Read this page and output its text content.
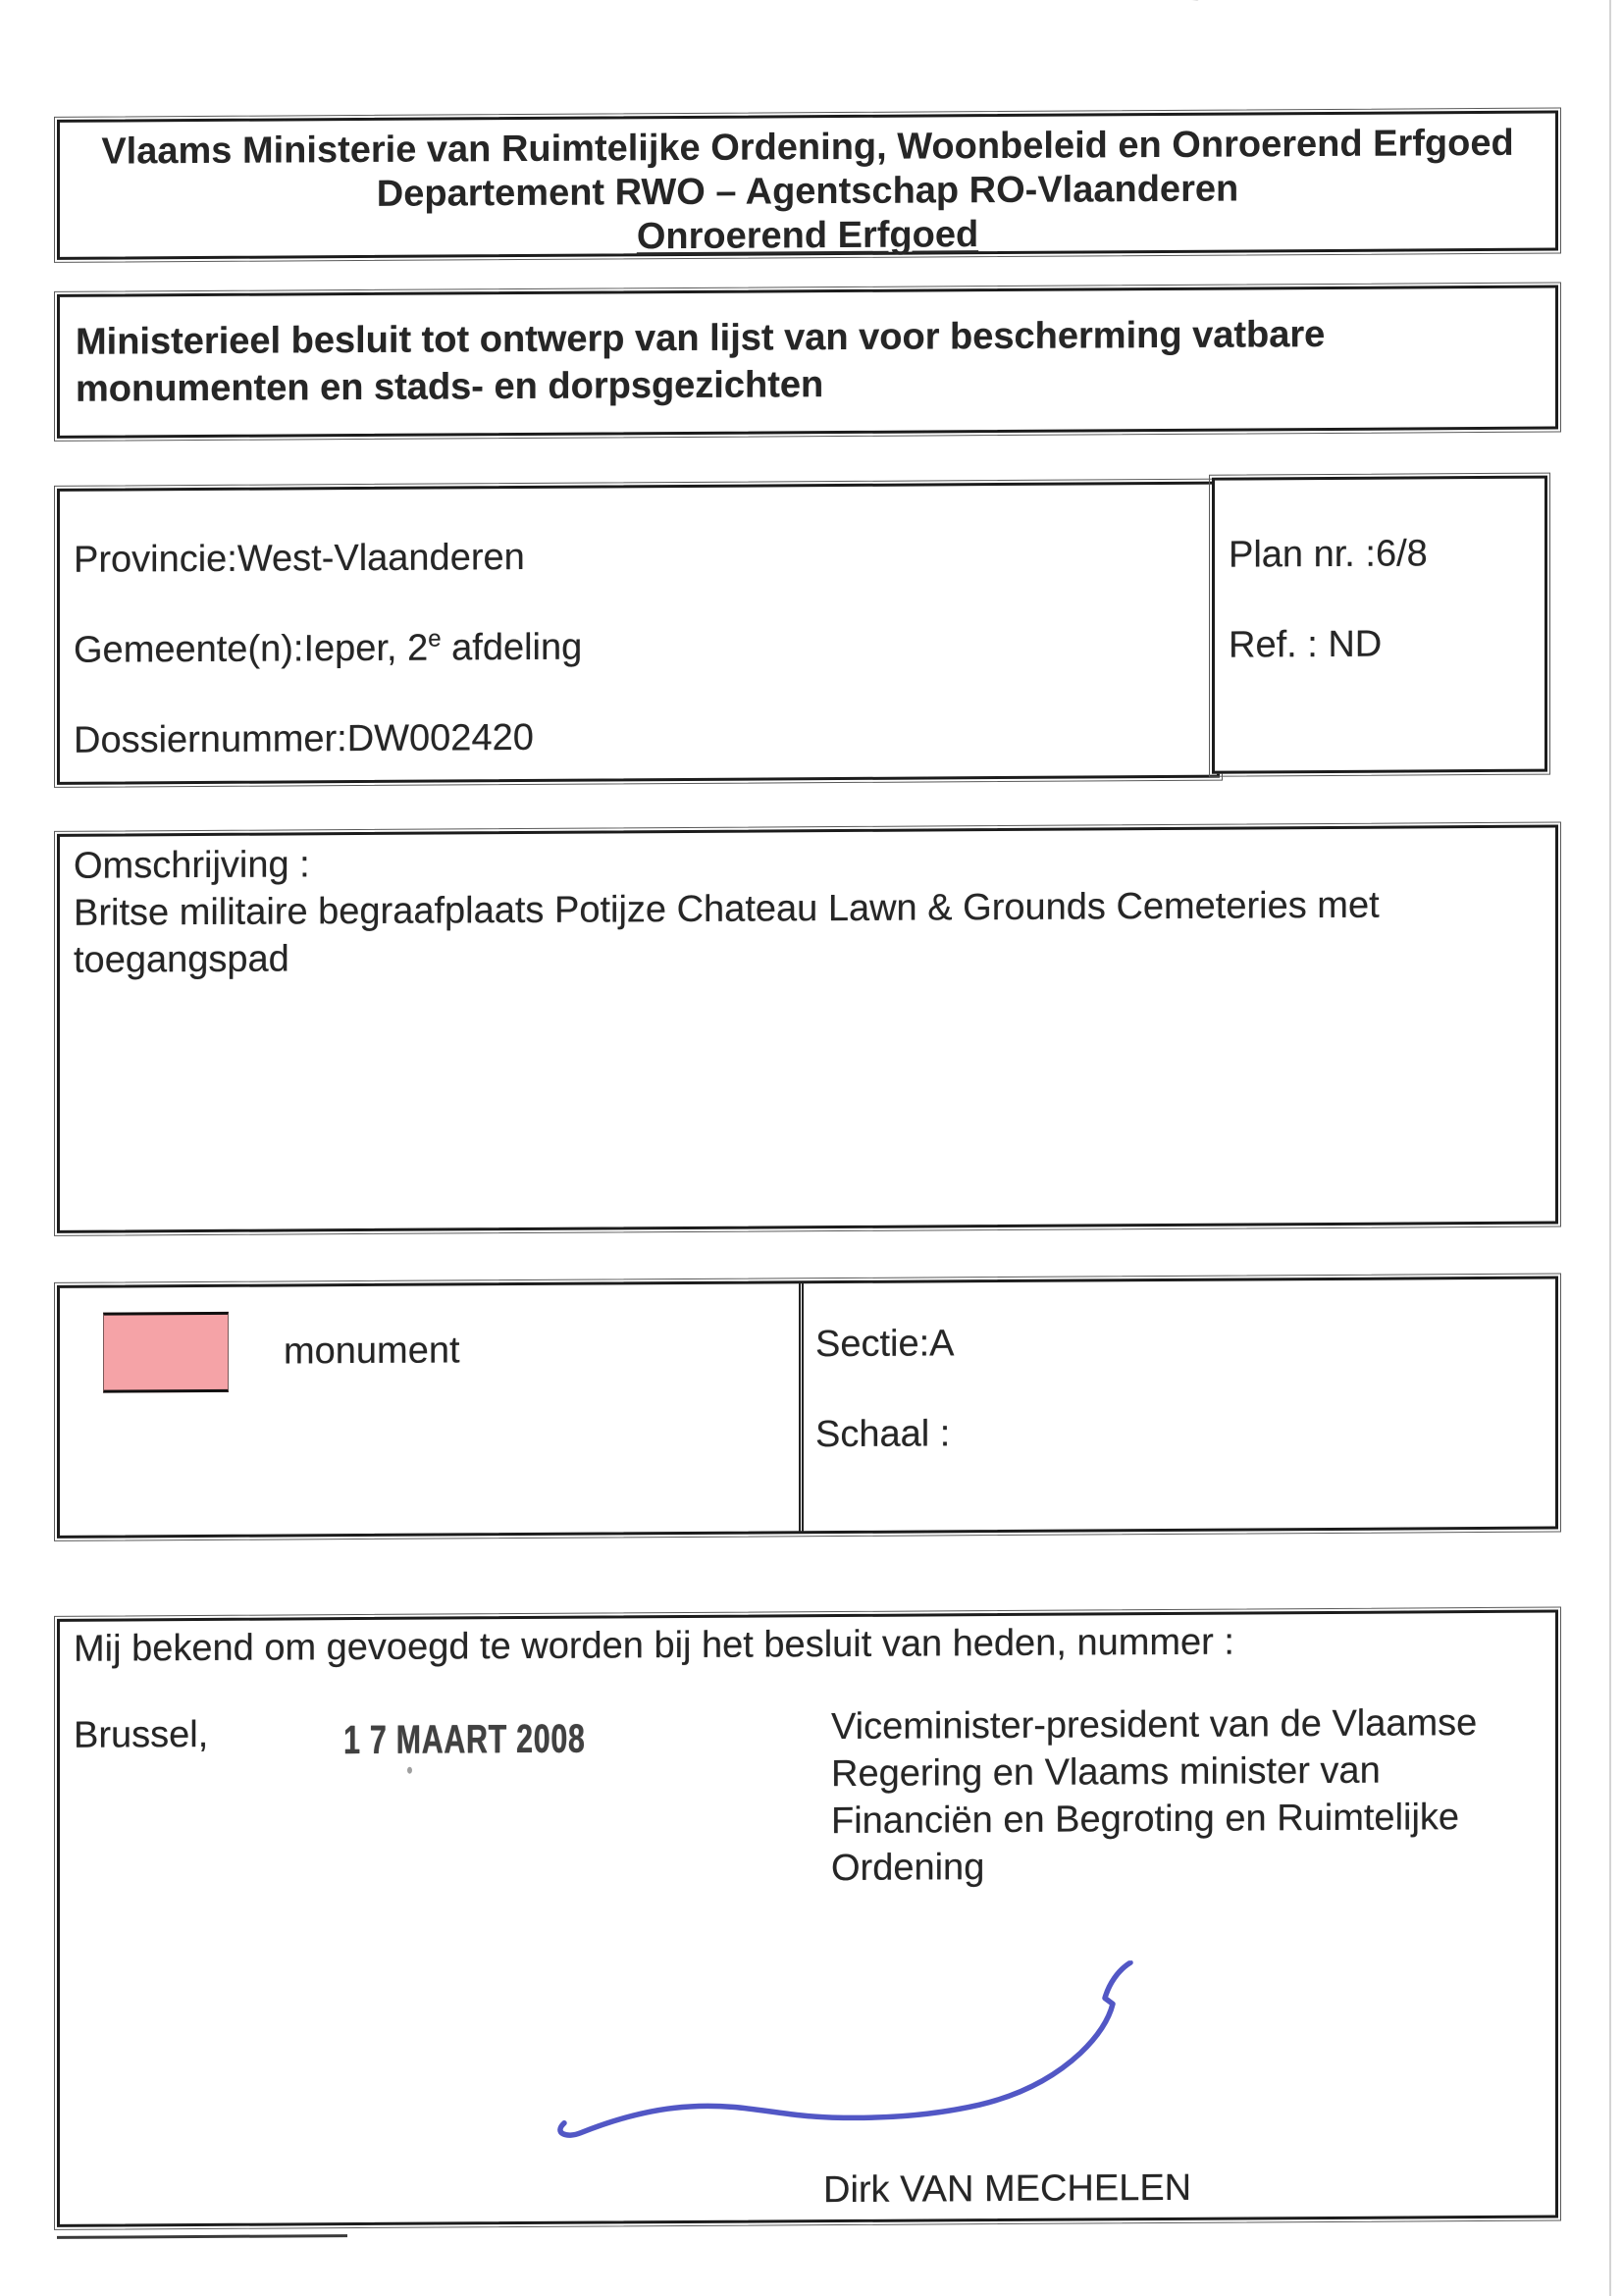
Vlaams Ministerie van Ruimtelijke Ordening, Woonbeleid en Onroerend Erfgoed
Departement RWO – Agentschap RO-Vlaanderen
Onroerend Erfgoed
Ministerieel besluit tot ontwerp van lijst van voor bescherming vatbare monumenten en stads- en dorpsgezichten
Provincie:West-Vlaanderen
Gemeente(n):Ieper, 2e afdeling
Dossiernummer:DW002420
Plan nr. :6/8
Ref. : ND
Omschrijving :
Britse militaire begraafplaats Potijze Chateau Lawn & Grounds Cemeteries met toegangspad
monument	Sectie:A
Schaal :
Mij bekend om gevoegd te worden bij het besluit van heden, nummer :
Brussel,	1 7 MAART 2008	Viceminister-president van de Vlaamse Regering en Vlaams minister van Financiën en Begroting en Ruimtelijke Ordening
Dirk VAN MECHELEN
